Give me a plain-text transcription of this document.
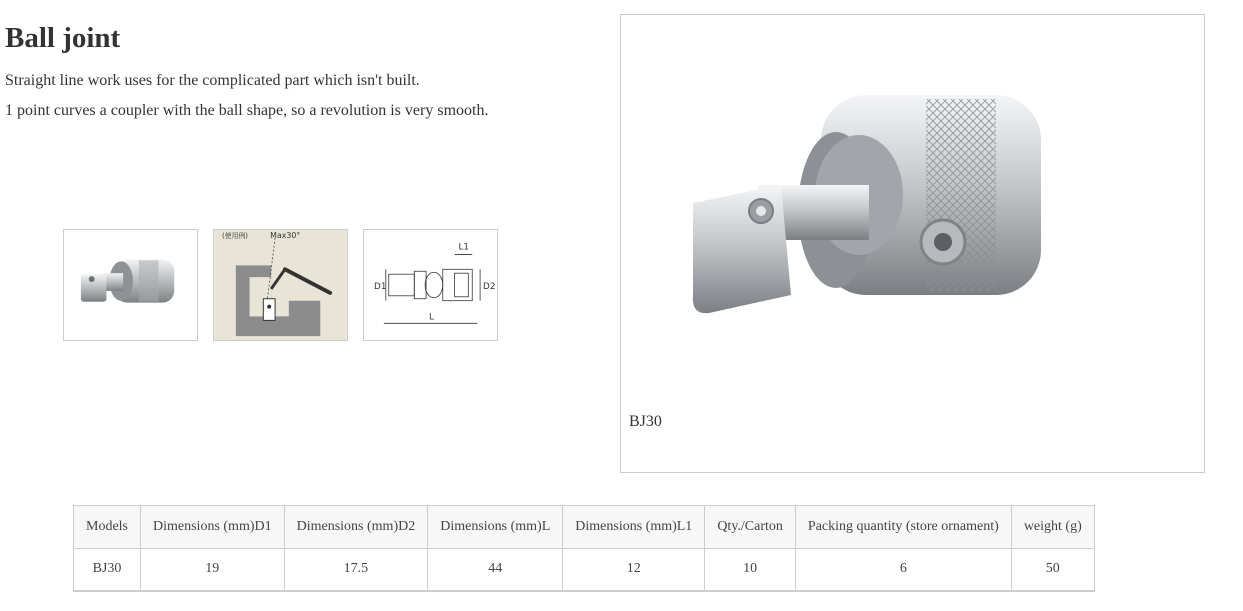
Ball joint

Straight line work uses for the complicated part which isn't built.

1 point curves a coupler with the ball shape, so a revolution is very smooth.

(使用例)	Max30°
L1
L
D1	D2
BJ30
Models	Dimensions (mm)D1	Dimensions (mm)D2	Dimensions (mm)L	Dimensions (mm)L1	Qty./Carton	Packing quantity (store ornament)	weight (g)
BJ30	19	17.5	44	12	10	6	50
